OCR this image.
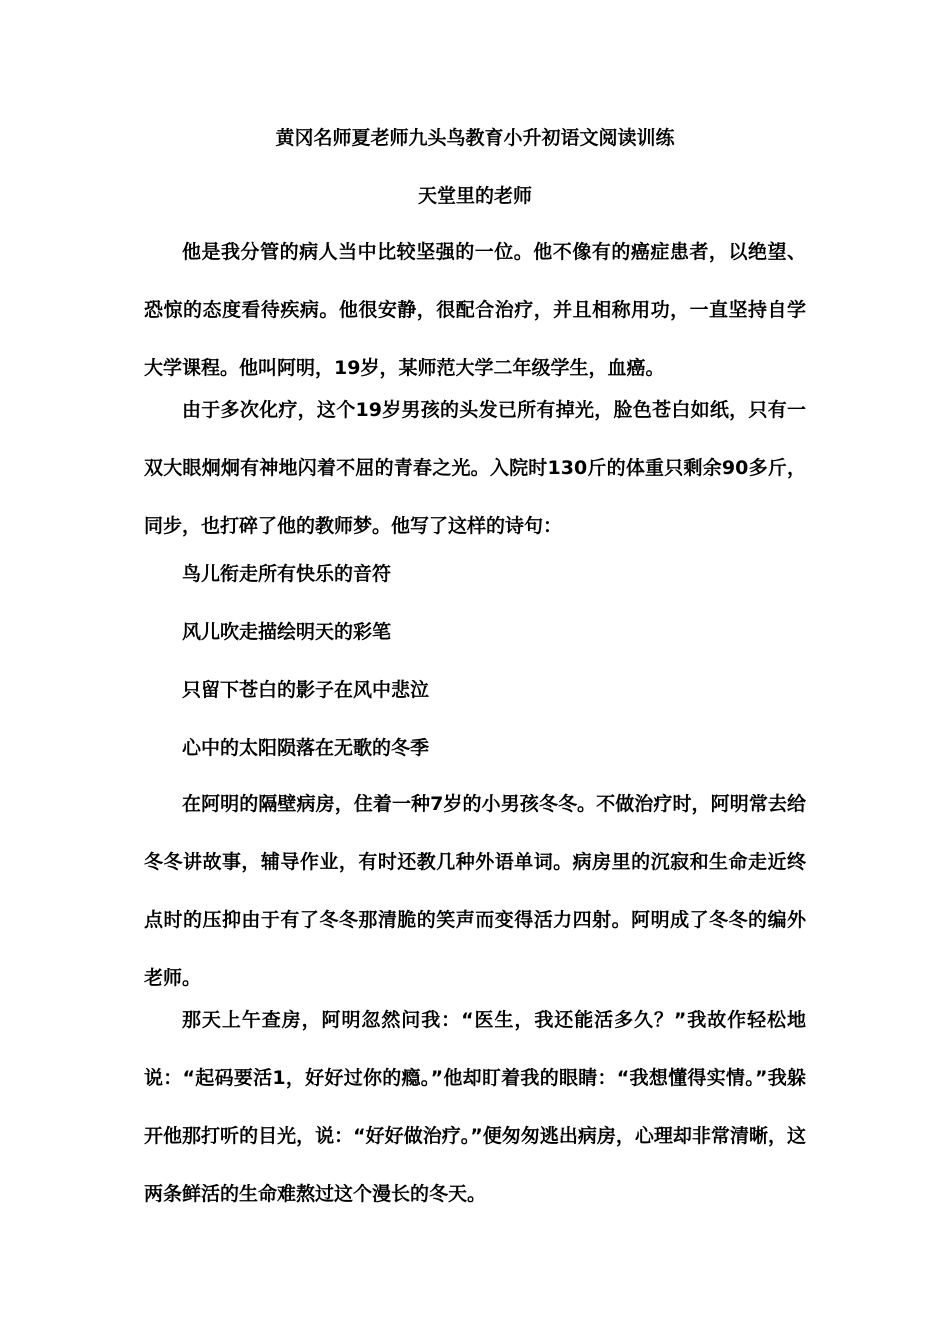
黄冈名师夏老师九头鸟教育小升初语文阅读训练
天堂里的老师

他是我分管的病人当中比较坚强的一位。他不像有的癌症患者，以绝望、恐惊的态度看待疾病。他很安静，很配合治疗，并且相称用功，一直坚持自学大学课程。他叫阿明，19岁，某师范大学二年级学生，血癌。

由于多次化疗，这个19岁男孩的头发已所有掉光，脸色苍白如纸，只有一双大眼炯炯有神地闪着不屈的青春之光。入院时130斤的体重只剩余90多斤，同步，也打碎了他的教师梦。他写了这样的诗句：

鸟儿衔走所有快乐的音符
风儿吹走描绘明天的彩笔
只留下苍白的影子在风中悲泣
心中的太阳陨落在无歌的冬季

在阿明的隔壁病房，住着一种7岁的小男孩冬冬。不做治疗时，阿明常去给冬冬讲故事，辅导作业，有时还教几种外语单词。病房里的沉寂和生命走近终点时的压抑由于有了冬冬那清脆的笑声而变得活力四射。阿明成了冬冬的编外老师。

那天上午查房，阿明忽然问我：“医生，我还能活多久？”我故作轻松地说：“起码要活1，好好过你的瘾。”他却盯着我的眼睛：“我想懂得实情。”我躲开他那打听的目光，说：“好好做治疗。”便匆匆逃出病房，心理却非常清晰，这两条鲜活的生命难熬过这个漫长的冬天。
